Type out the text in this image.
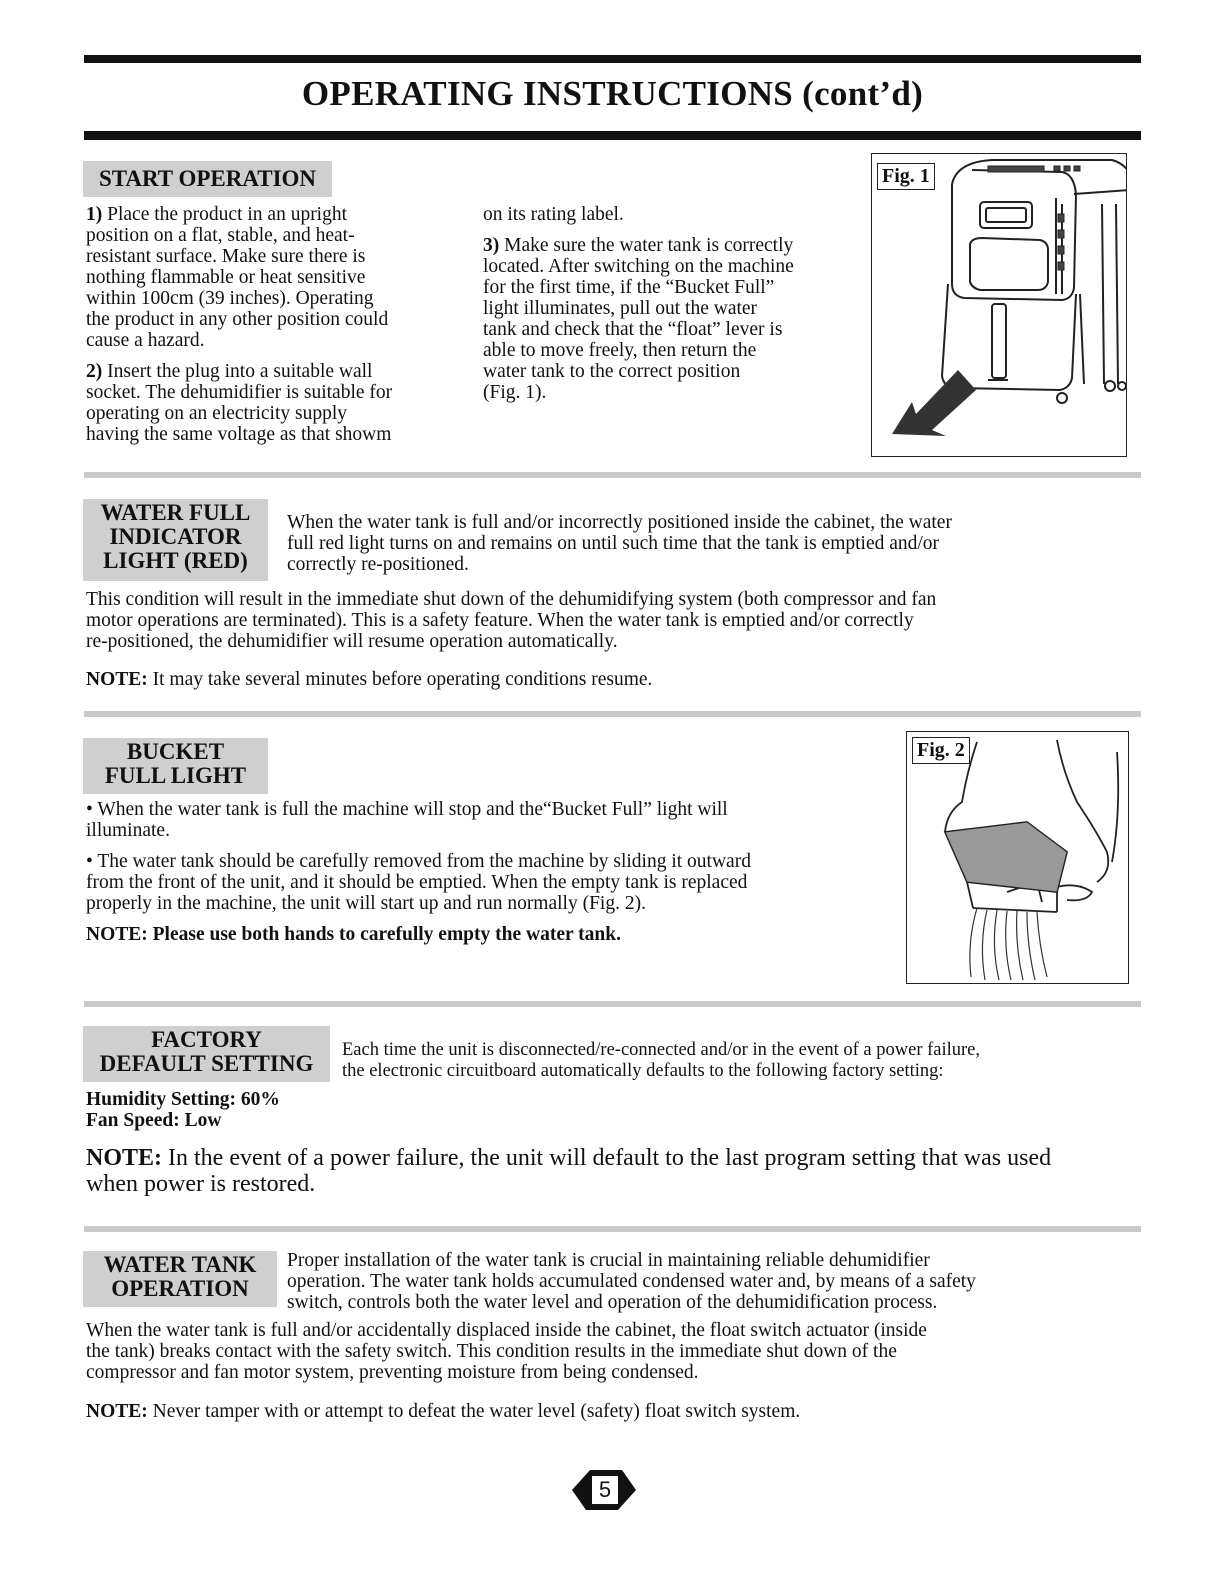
OPERATING INSTRUCTIONS (cont’d)
START OPERATION

1) Place the product in an upright
position on a flat, stable, and heat-
resistant surface. Make sure there is
nothing flammable or heat sensitive
within 100cm (39 inches). Operating
the product in any other position could
cause a hazard.

2) Insert the plug into a suitable wall
socket. The dehumidifier is suitable for
operating on an electricity supply
having the same voltage as that showm

on its rating label.

3) Make sure the water tank is correctly
located. After switching on the machine
for the first time, if the “Bucket Full”
light illuminates, pull out the water
tank and check that the “float” lever is
able to move freely, then return the
water tank to the correct position
(Fig. 1).

Fig. 1
WATER FULL
INDICATOR
LIGHT (RED)
When the water tank is full and/or incorrectly positioned inside the cabinet, the water
full red light turns on and remains on until such time that the tank is emptied and/or
correctly re-positioned.
This condition will result in the immediate shut down of the dehumidifying system (both compressor and fan
motor operations are terminated). This is a safety feature. When the water tank is emptied and/or correctly
re-positioned, the dehumidifier will resume operation automatically.
NOTE: It may take several minutes before operating conditions resume.
BUCKET
FULL LIGHT

• When the water tank is full the machine will stop and the“Bucket Full” light will
illuminate.

• The water tank should be carefully removed from the machine by sliding it outward
from the front of the unit, and it should be emptied. When the empty tank is replaced
properly in the machine, the unit will start up and run normally (Fig. 2).

NOTE: Please use both hands to carefully empty the water tank.

Fig. 2
FACTORY
DEFAULT SETTING
Each time the unit is disconnected/re-connected and/or in the event of a power failure,
the electronic circuitboard automatically defaults to the following factory setting:
Humidity Setting: 60%
Fan Speed: Low
NOTE: In the event of a power failure, the unit will default to the last program setting that was used
when power is restored.
WATER TANK
OPERATION
Proper installation of the water tank is crucial in maintaining reliable dehumidifier
operation. The water tank holds accumulated condensed water and, by means of a safety
switch, controls both the water level and operation of the dehumidification process.
When the water tank is full and/or accidentally displaced inside the cabinet, the float switch actuator (inside
the tank) breaks contact with the safety switch. This condition results in the immediate shut down of the
compressor and fan motor system, preventing moisture from being condensed.
NOTE: Never tamper with or attempt to defeat the water level (safety) float switch system.
5
